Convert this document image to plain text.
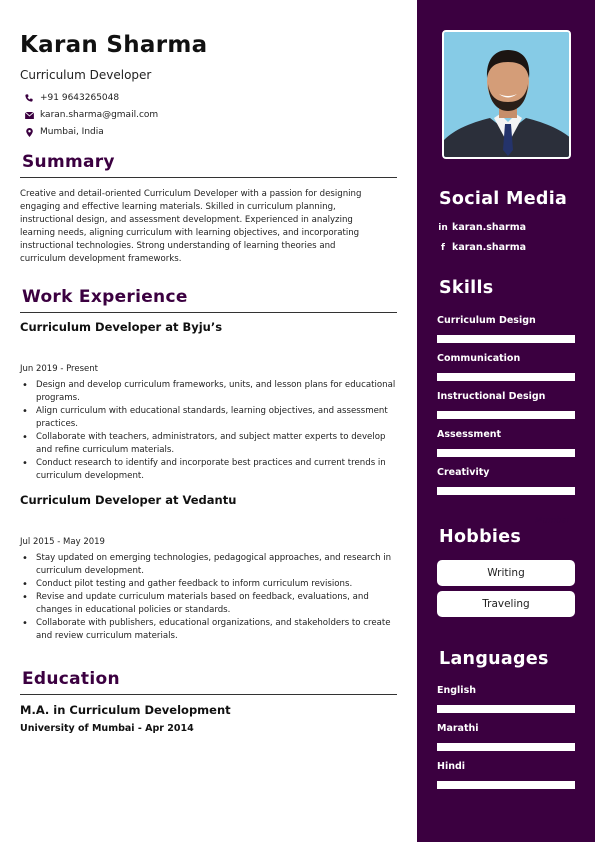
Karan Sharma
Curriculum Developer
+91 9643265048
karan.sharma@gmail.com
Mumbai, India
Summary
Creative and detail-oriented Curriculum Developer with a passion for designing
engaging and effective learning materials. Skilled in curriculum planning,
instructional design, and assessment development. Experienced in analyzing
learning needs, aligning curriculum with learning objectives, and incorporating
instructional technologies. Strong understanding of learning theories and
curriculum development frameworks.
Work Experience
Curriculum Developer at Byju’s
Mumbai
Jun 2019 - Present
• Design and develop curriculum frameworks, units, and lesson plans for educational programs.
• Align curriculum with educational standards, learning objectives, and assessment practices.
• Collaborate with teachers, administrators, and subject matter experts to develop and refine curriculum materials.
• Conduct research to identify and incorporate best practices and current trends in curriculum development.
Curriculum Developer at Vedantu
Mumbai
Jul 2015 - May 2019
• Stay updated on emerging technologies, pedagogical approaches, and research in curriculum development.
• Conduct pilot testing and gather feedback to inform curriculum revisions.
• Revise and update curriculum materials based on feedback, evaluations, and changes in educational policies or standards.
• Collaborate with publishers, educational organizations, and stakeholders to create and review curriculum materials.
Education
M.A. in Curriculum Development
University of Mumbai - Apr 2014
Social Media
in karan.sharma
f karan.sharma
Skills
Curriculum Design
Communication
Instructional Design
Assessment
Creativity
Hobbies
Writing
Traveling
Languages
English
Marathi
Hindi
